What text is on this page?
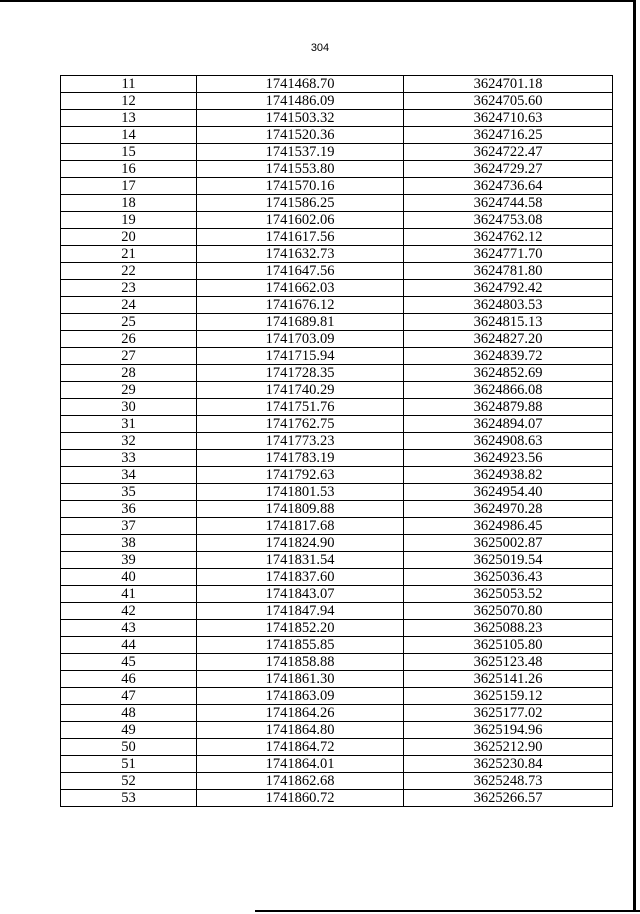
304
11	1741468.70	3624701.18
12	1741486.09	3624705.60
13	1741503.32	3624710.63
14	1741520.36	3624716.25
15	1741537.19	3624722.47
16	1741553.80	3624729.27
17	1741570.16	3624736.64
18	1741586.25	3624744.58
19	1741602.06	3624753.08
20	1741617.56	3624762.12
21	1741632.73	3624771.70
22	1741647.56	3624781.80
23	1741662.03	3624792.42
24	1741676.12	3624803.53
25	1741689.81	3624815.13
26	1741703.09	3624827.20
27	1741715.94	3624839.72
28	1741728.35	3624852.69
29	1741740.29	3624866.08
30	1741751.76	3624879.88
31	1741762.75	3624894.07
32	1741773.23	3624908.63
33	1741783.19	3624923.56
34	1741792.63	3624938.82
35	1741801.53	3624954.40
36	1741809.88	3624970.28
37	1741817.68	3624986.45
38	1741824.90	3625002.87
39	1741831.54	3625019.54
40	1741837.60	3625036.43
41	1741843.07	3625053.52
42	1741847.94	3625070.80
43	1741852.20	3625088.23
44	1741855.85	3625105.80
45	1741858.88	3625123.48
46	1741861.30	3625141.26
47	1741863.09	3625159.12
48	1741864.26	3625177.02
49	1741864.80	3625194.96
50	1741864.72	3625212.90
51	1741864.01	3625230.84
52	1741862.68	3625248.73
53	1741860.72	3625266.57
